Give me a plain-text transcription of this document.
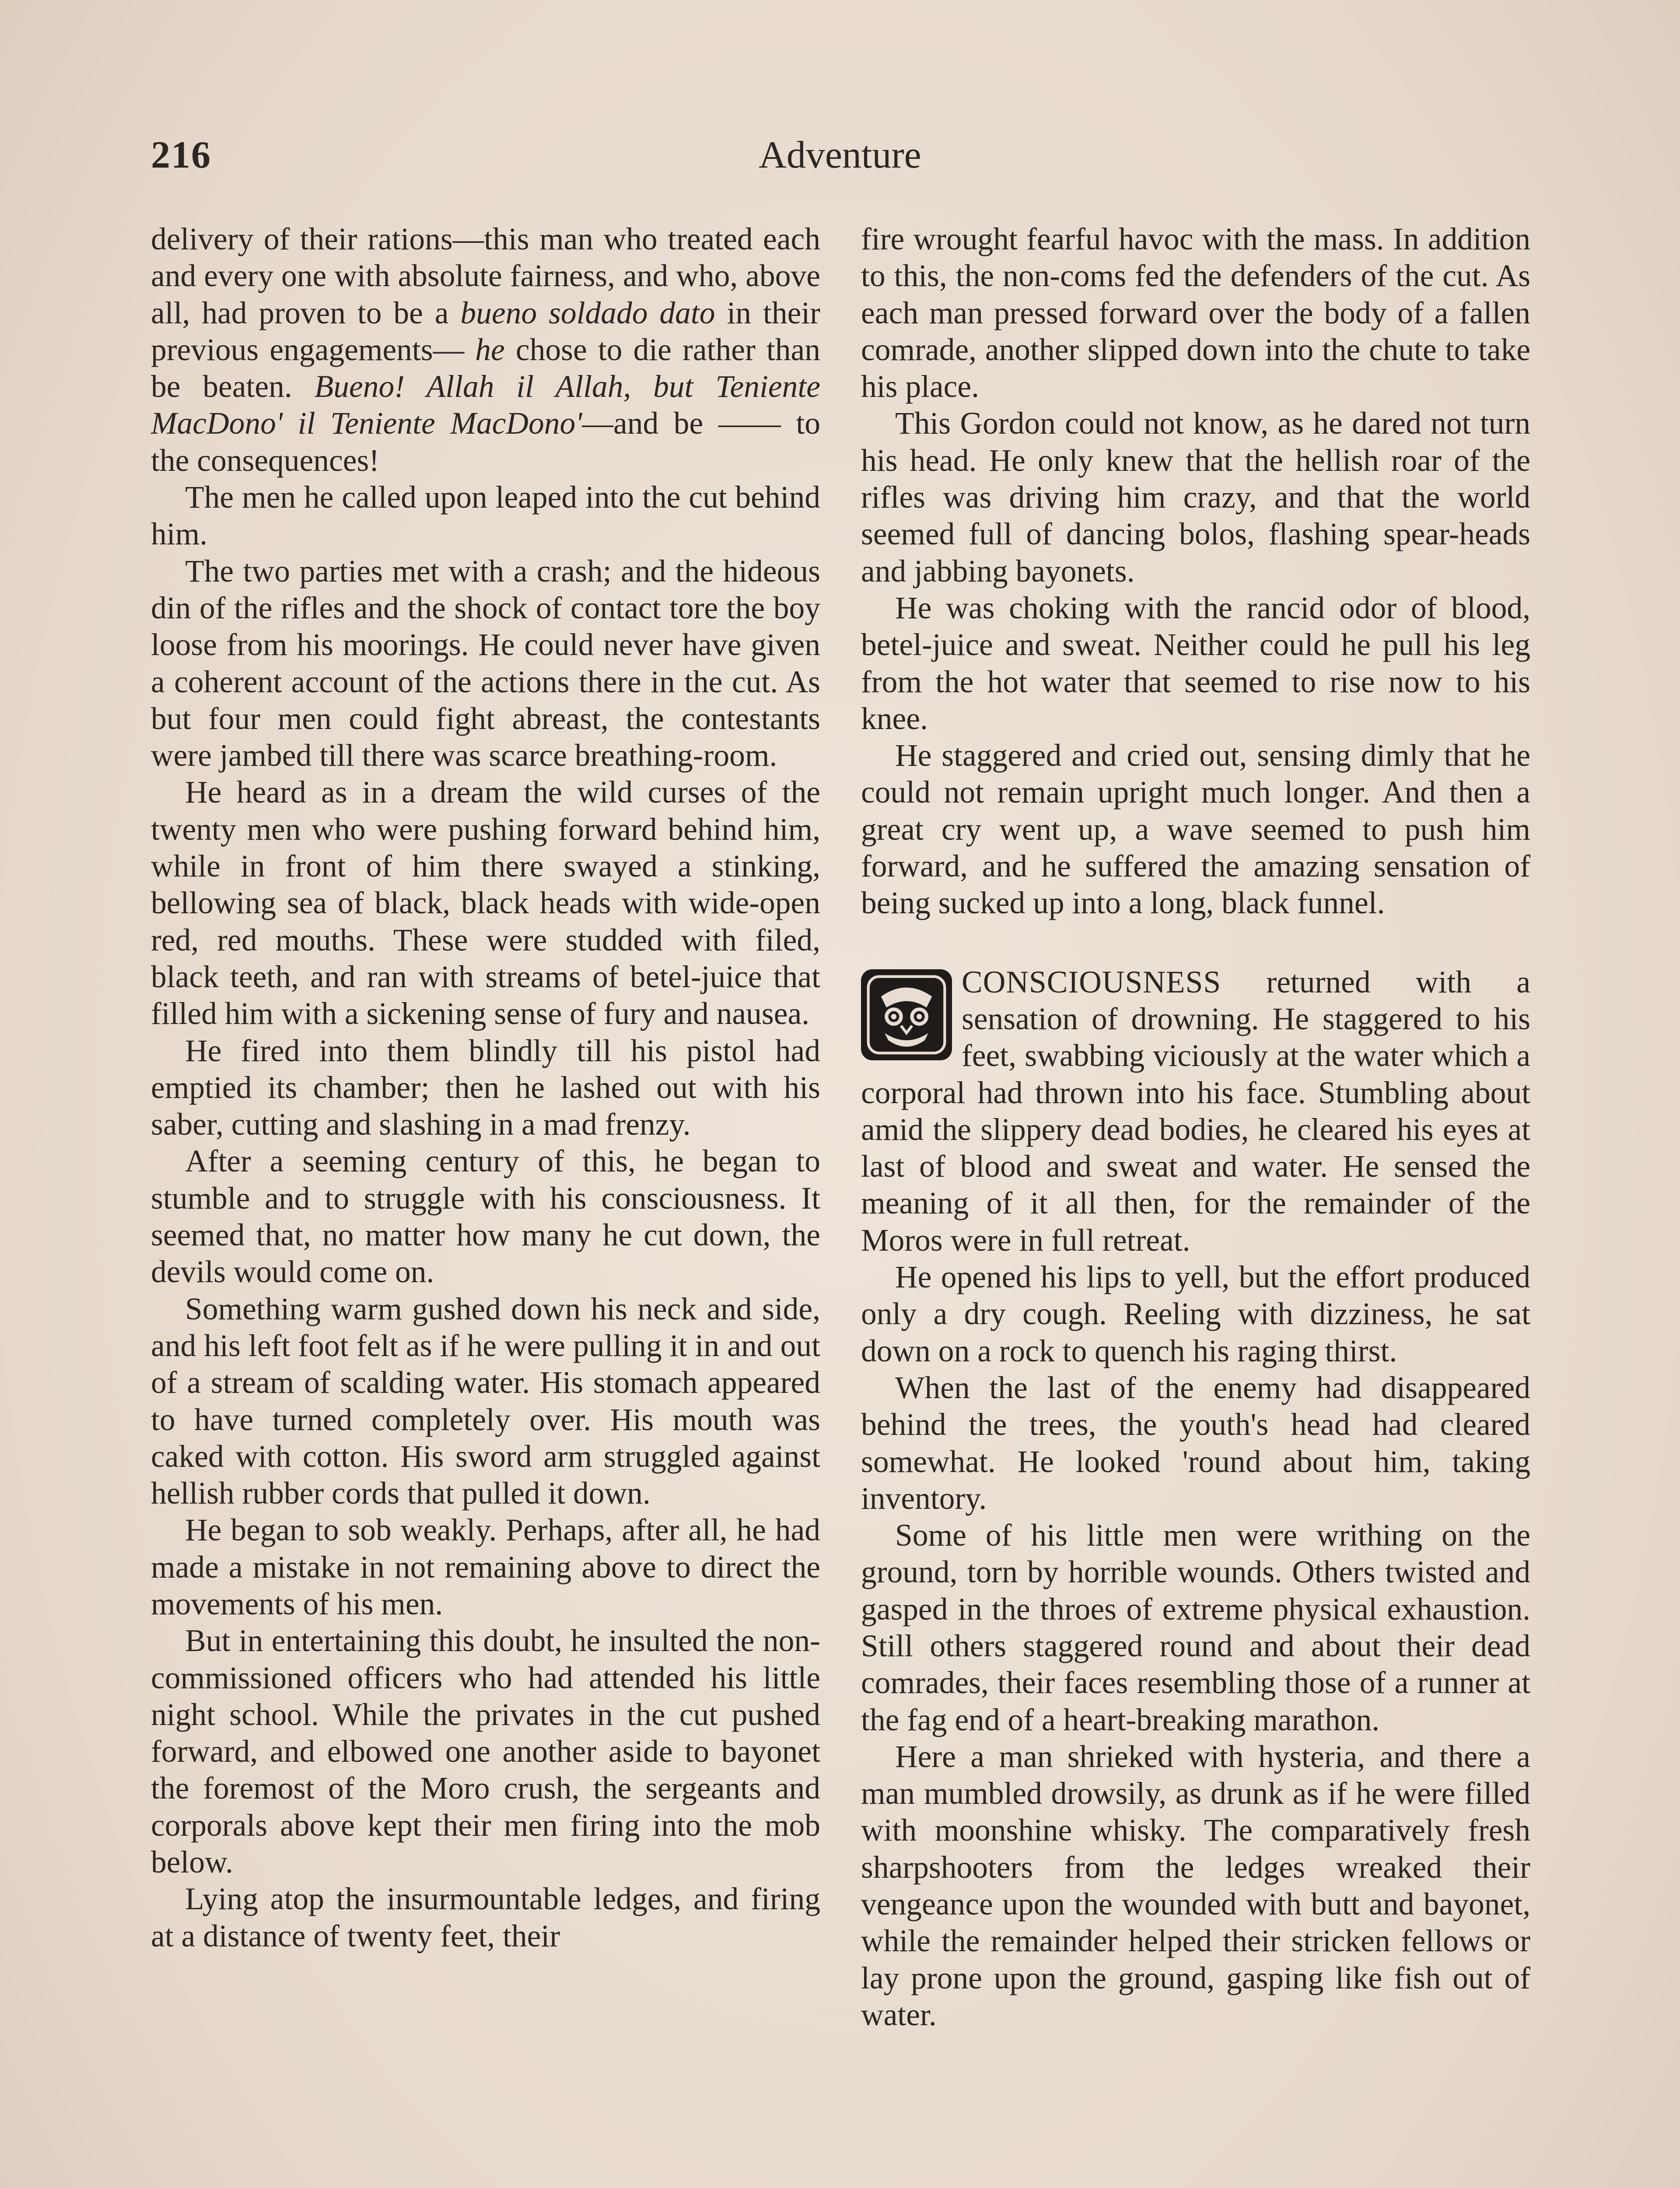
216	Adventure

delivery of their rations—this man who treated each and every one with absolute fairness, and who, above all, had proven to be a bueno soldado dato in their previous engagements— he chose to die rather than be beaten. Bueno! Allah il Allah, but Teniente MacDono' il Teniente MacDono'—and be —— to the consequences!

The men he called upon leaped into the cut behind him.

The two parties met with a crash; and the hideous din of the rifles and the shock of contact tore the boy loose from his moorings. He could never have given a coherent account of the actions there in the cut. As but four men could fight abreast, the contestants were jambed till there was scarce breathing-room.

He heard as in a dream the wild curses of the twenty men who were pushing forward behind him, while in front of him there swayed a stinking, bellowing sea of black, black heads with wide-open red, red mouths. These were studded with filed, black teeth, and ran with streams of betel-juice that filled him with a sickening sense of fury and nausea.

He fired into them blindly till his pistol had emptied its chamber; then he lashed out with his saber, cutting and slashing in a mad frenzy.

After a seeming century of this, he began to stumble and to struggle with his consciousness. It seemed that, no matter how many he cut down, the devils would come on.

Something warm gushed down his neck and side, and his left foot felt as if he were pulling it in and out of a stream of scalding water. His stomach appeared to have turned completely over. His mouth was caked with cotton. His sword arm struggled against hellish rubber cords that pulled it down.

He began to sob weakly. Perhaps, after all, he had made a mistake in not remaining above to direct the movements of his men.

But in entertaining this doubt, he insulted the non-commissioned officers who had attended his little night school. While the privates in the cut pushed forward, and elbowed one another aside to bayonet the foremost of the Moro crush, the sergeants and corporals above kept their men firing into the mob below.

Lying atop the insurmountable ledges, and firing at a distance of twenty feet, their

fire wrought fearful havoc with the mass. In addition to this, the non-coms fed the defenders of the cut. As each man pressed forward over the body of a fallen comrade, another slipped down into the chute to take his place.

This Gordon could not know, as he dared not turn his head. He only knew that the hellish roar of the rifles was driving him crazy, and that the world seemed full of dancing bolos, flashing spear-heads and jabbing bayonets.

He was choking with the rancid odor of blood, betel-juice and sweat. Neither could he pull his leg from the hot water that seemed to rise now to his knee.

He staggered and cried out, sensing dimly that he could not remain upright much longer. And then a great cry went up, a wave seemed to push him forward, and he suffered the amazing sensation of being sucked up into a long, black funnel.

CONSCIOUSNESS returned with a sensation of drowning. He staggered to his feet, swabbing viciously at the water which a corporal had thrown into his face. Stumbling about amid the slippery dead bodies, he cleared his eyes at last of blood and sweat and water. He sensed the meaning of it all then, for the remainder of the Moros were in full retreat.

He opened his lips to yell, but the effort produced only a dry cough. Reeling with dizziness, he sat down on a rock to quench his raging thirst.

When the last of the enemy had disappeared behind the trees, the youth's head had cleared somewhat. He looked 'round about him, taking inventory.

Some of his little men were writhing on the ground, torn by horrible wounds. Others twisted and gasped in the throes of extreme physical exhaustion. Still others staggered round and about their dead comrades, their faces resembling those of a runner at the fag end of a heart-breaking marathon.

Here a man shrieked with hysteria, and there a man mumbled drowsily, as drunk as if he were filled with moonshine whisky. The comparatively fresh sharpshooters from the ledges wreaked their vengeance upon the wounded with butt and bayonet, while the remainder helped their stricken fellows or lay prone upon the ground, gasping like fish out of water.
